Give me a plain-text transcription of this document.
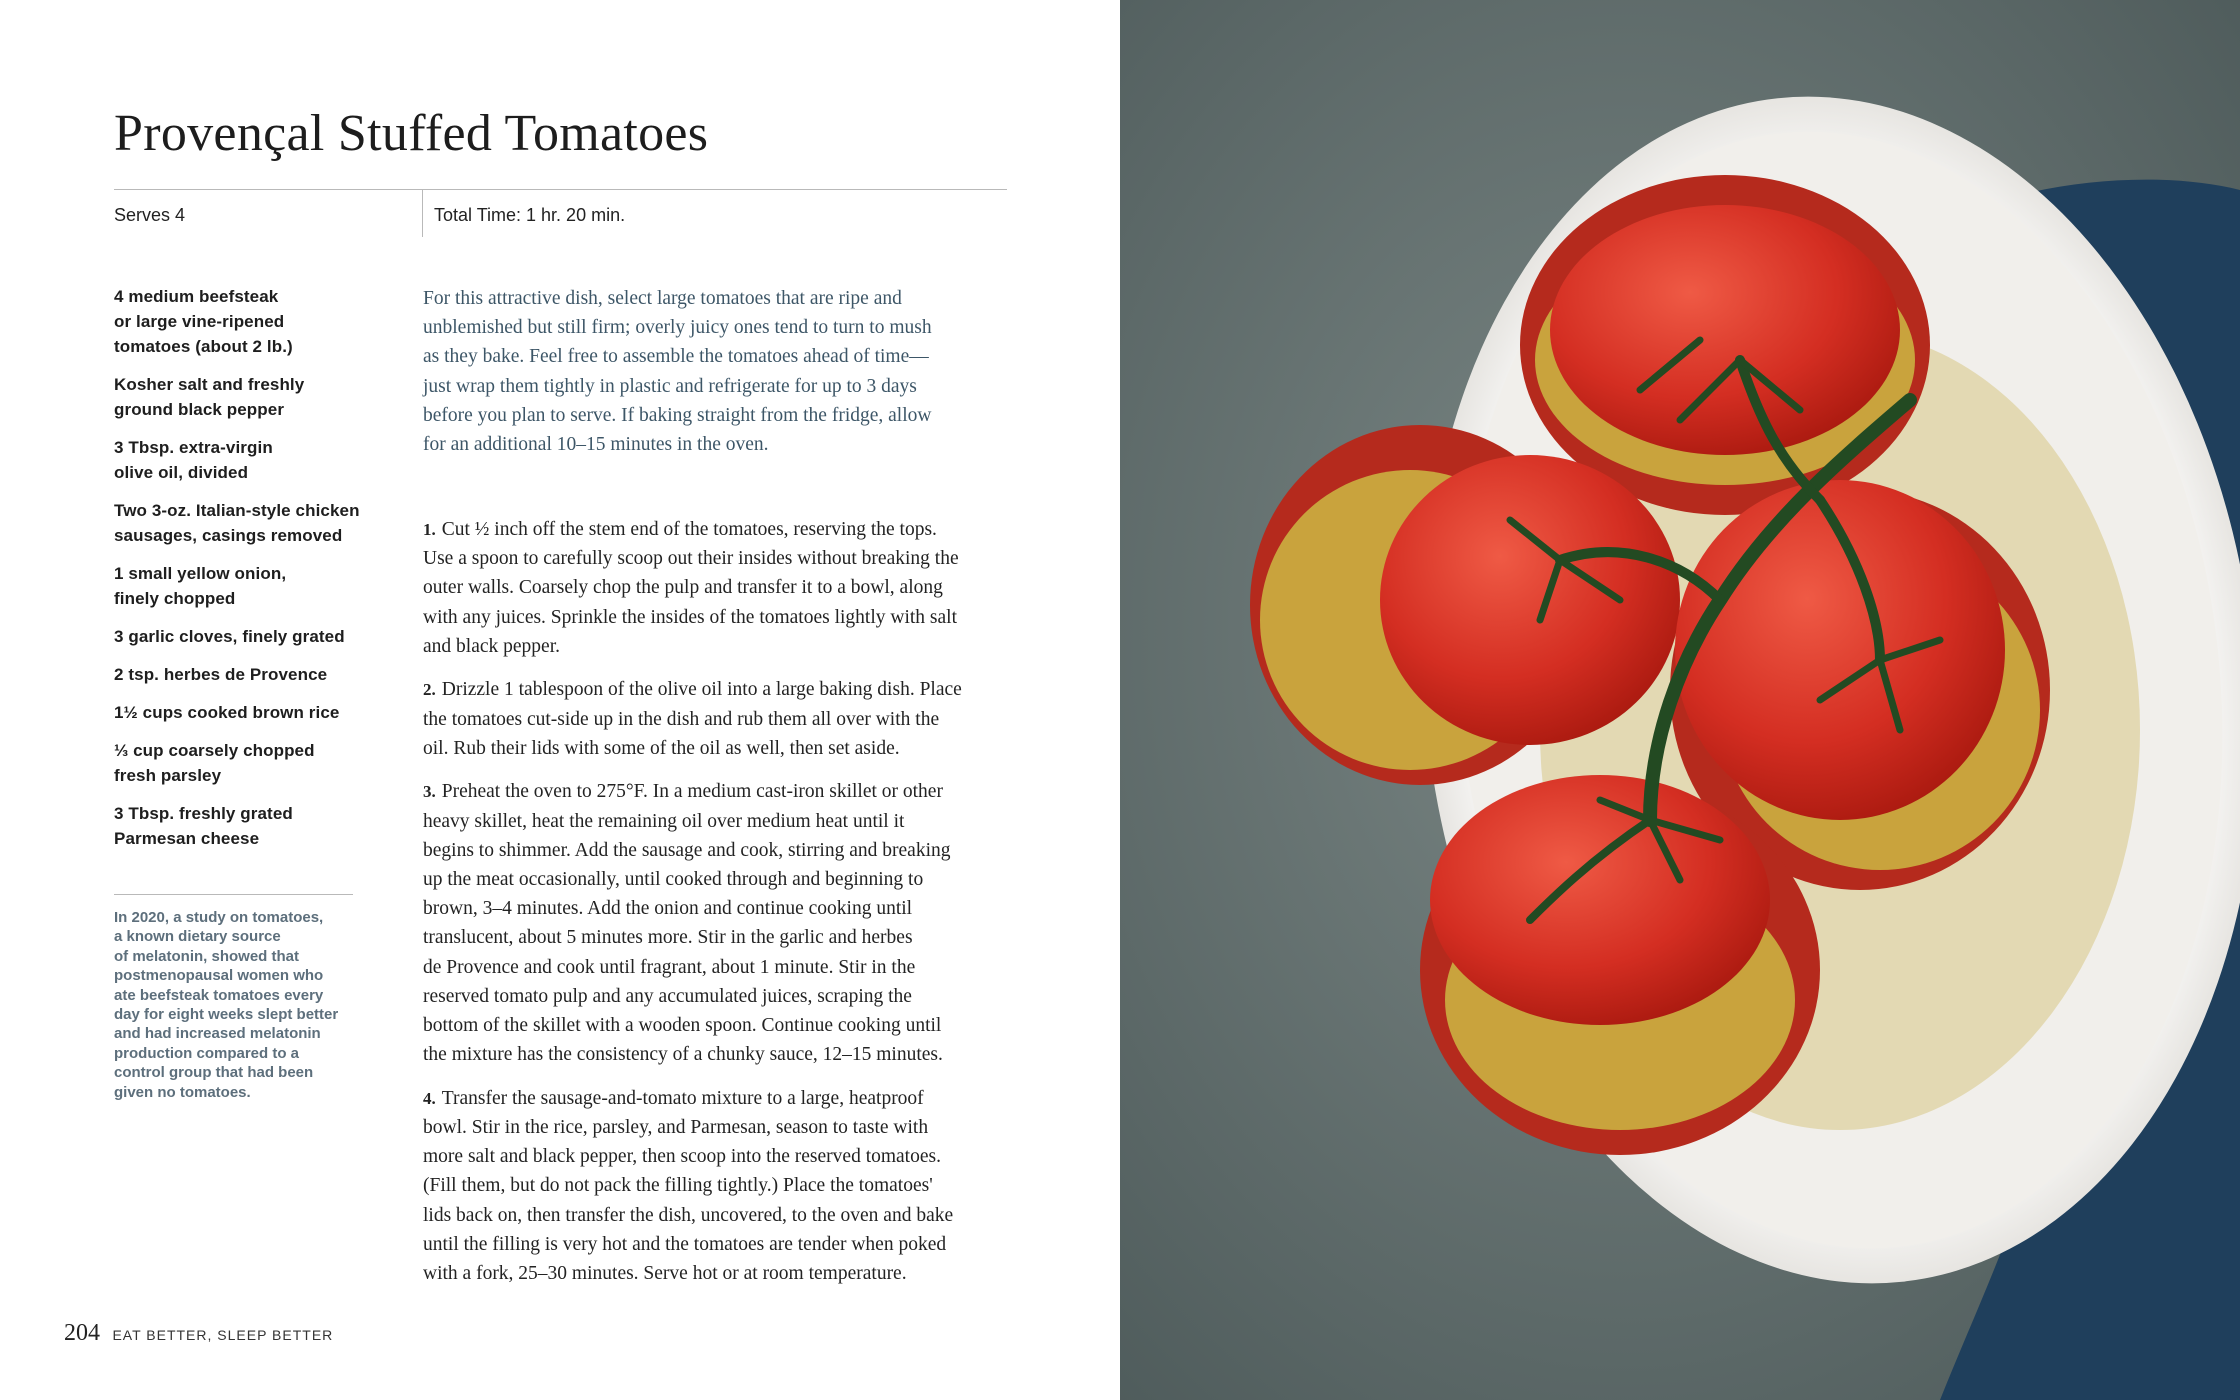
Provençal Stuffed Tomatoes
Serves 4	Total Time: 1 hr. 20 min.
4 medium beefsteak
or large vine-ripened
tomatoes (about 2 lb.)
Kosher salt and freshly
ground black pepper
3 Tbsp. extra-virgin
olive oil, divided
Two 3-oz. Italian-style chicken
sausages, casings removed
1 small yellow onion,
finely chopped
3 garlic cloves, finely grated
2 tsp. herbes de Provence
1½ cups cooked brown rice
⅓ cup coarsely chopped
fresh parsley
3 Tbsp. freshly grated
Parmesan cheese
In 2020, a study on tomatoes,
a known dietary source
of melatonin, showed that
postmenopausal women who
ate beefsteak tomatoes every
day for eight weeks slept better
and had increased melatonin
production compared to a
control group that had been
given no tomatoes.
For this attractive dish, select large tomatoes that are ripe and
unblemished but still firm; overly juicy ones tend to turn to mush
as they bake. Feel free to assemble the tomatoes ahead of time—
just wrap them tightly in plastic and refrigerate for up to 3 days
before you plan to serve. If baking straight from the fridge, allow
for an additional 10–15 minutes in the oven.
1. Cut ½ inch off the stem end of the tomatoes, reserving the tops.
Use a spoon to carefully scoop out their insides without breaking the
outer walls. Coarsely chop the pulp and transfer it to a bowl, along
with any juices. Sprinkle the insides of the tomatoes lightly with salt
and black pepper.
2. Drizzle 1 tablespoon of the olive oil into a large baking dish. Place
the tomatoes cut-side up in the dish and rub them all over with the
oil. Rub their lids with some of the oil as well, then set aside.
3. Preheat the oven to 275°F. In a medium cast-iron skillet or other
heavy skillet, heat the remaining oil over medium heat until it
begins to shimmer. Add the sausage and cook, stirring and breaking
up the meat occasionally, until cooked through and beginning to
brown, 3–4 minutes. Add the onion and continue cooking until
translucent, about 5 minutes more. Stir in the garlic and herbes
de Provence and cook until fragrant, about 1 minute. Stir in the
reserved tomato pulp and any accumulated juices, scraping the
bottom of the skillet with a wooden spoon. Continue cooking until
the mixture has the consistency of a chunky sauce, 12–15 minutes.
4. Transfer the sausage-and-tomato mixture to a large, heatproof
bowl. Stir in the rice, parsley, and Parmesan, season to taste with
more salt and black pepper, then scoop into the reserved tomatoes.
(Fill them, but do not pack the filling tightly.) Place the tomatoes'
lids back on, then transfer the dish, uncovered, to the oven and bake
until the filling is very hot and the tomatoes are tender when poked
with a fork, 25–30 minutes. Serve hot or at room temperature.
204 EAT BETTER, SLEEP BETTER
